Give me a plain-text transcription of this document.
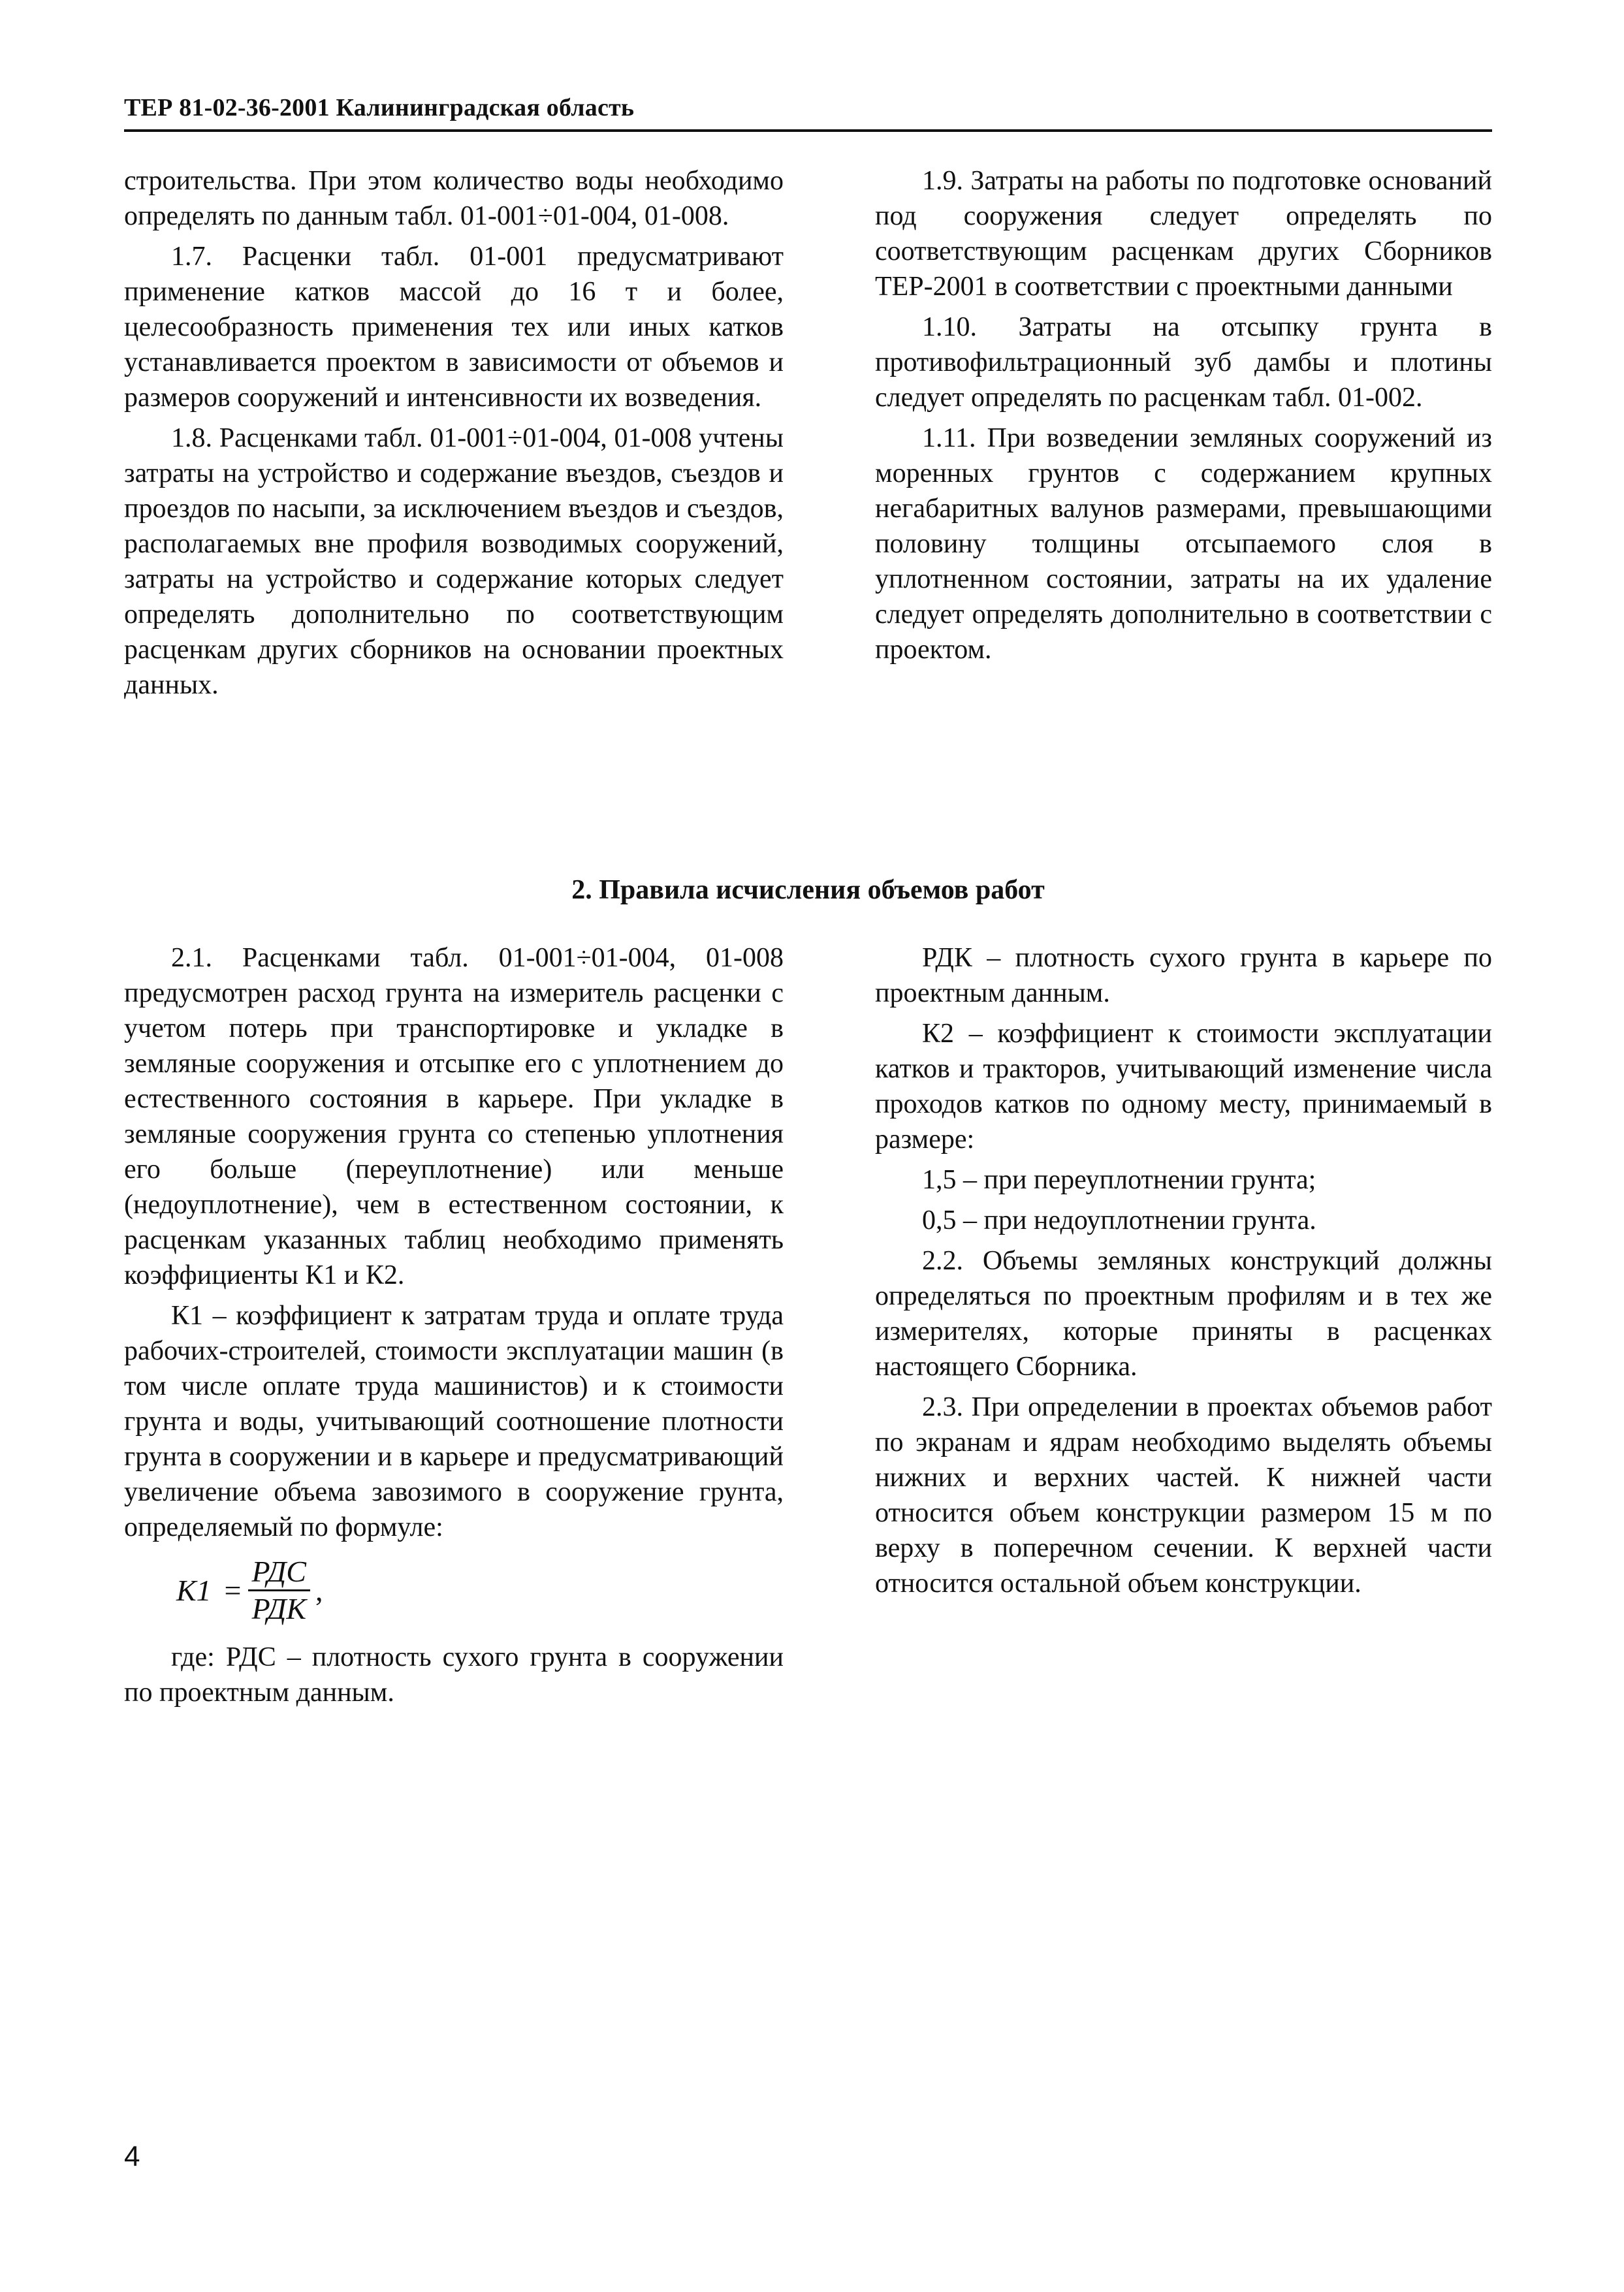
ТЕР 81-02-36-2001 Калининградская область

строительства. При этом количество воды необходимо определять по данным табл. 01-001÷01-004, 01-008.

1.7. Расценки табл. 01-001 предусматривают применение катков массой до 16 т и более, целесообразность применения тех или иных катков устанавливается проектом в зависимости от объемов и размеров сооружений и интенсивности их возведения.

1.8. Расценками табл. 01-001÷01-004, 01-008 учтены затраты на устройство и содержание въездов, съездов и проездов по насыпи, за исключением въездов и съездов, располагаемых вне профиля возводимых сооружений, затраты на устройство и содержание которых следует определять дополнительно по соответствующим расценкам других сборников на основании проектных данных.

1.9. Затраты на работы по подготовке оснований под сооружения следует определять по соответствующим расценкам других Сборников ТЕР-2001 в соответствии с проектными данными

1.10. Затраты на отсыпку грунта в противофильтрационный зуб дамбы и плотины следует определять по расценкам табл. 01-002.

1.11. При возведении земляных сооружений из моренных грунтов с содержанием крупных негабаритных валунов размерами, превышающими половину толщины отсыпаемого слоя в уплотненном состоянии, затраты на их удаление следует определять дополнительно в соответствии с проектом.

2. Правила исчисления объемов работ

2.1. Расценками табл. 01-001÷01-004, 01-008 предусмотрен расход грунта на измеритель расценки с учетом потерь при транспортировке и укладке в земляные сооружения и отсыпке его с уплотнением до естественного состояния в карьере. При укладке в земляные сооружения грунта со степенью уплотнения его больше (переуплотнение) или меньше (недоуплотнение), чем в естественном состоянии, к расценкам указанных таблиц необходимо применять коэффициенты К1 и К2.

К1 – коэффициент к затратам труда и оплате труда рабочих-строителей, стоимости эксплуатации машин (в том числе оплате труда машинистов) и к стоимости грунта и воды, учитывающий соотношение плотности грунта в сооружении и в карьере и предусматривающий увеличение объема завозимого в сооружение грунта, определяемый по формуле:

$К1 = \frac{\text{РДС}}{\text{РДК}}$ ,

где: РДС – плотность сухого грунта в сооружении по проектным данным.

РДК – плотность сухого грунта в карьере по проектным данным.

К2 – коэффициент к стоимости эксплуатации катков и тракторов, учитывающий изменение числа проходов катков по одному месту, принимаемый в размере:

1,5 – при переуплотнении грунта;

0,5 – при недоуплотнении грунта.

2.2. Объемы земляных конструкций должны определяться по проектным профилям и в тех же измерителях, которые приняты в расценках настоящего Сборника.

2.3. При определении в проектах объемов работ по экранам и ядрам необходимо выделять объемы нижних и верхних частей. К нижней части относится объем конструкции размером 15 м по верху в поперечном сечении. К верхней части относится остальной объем конструкции.

4
